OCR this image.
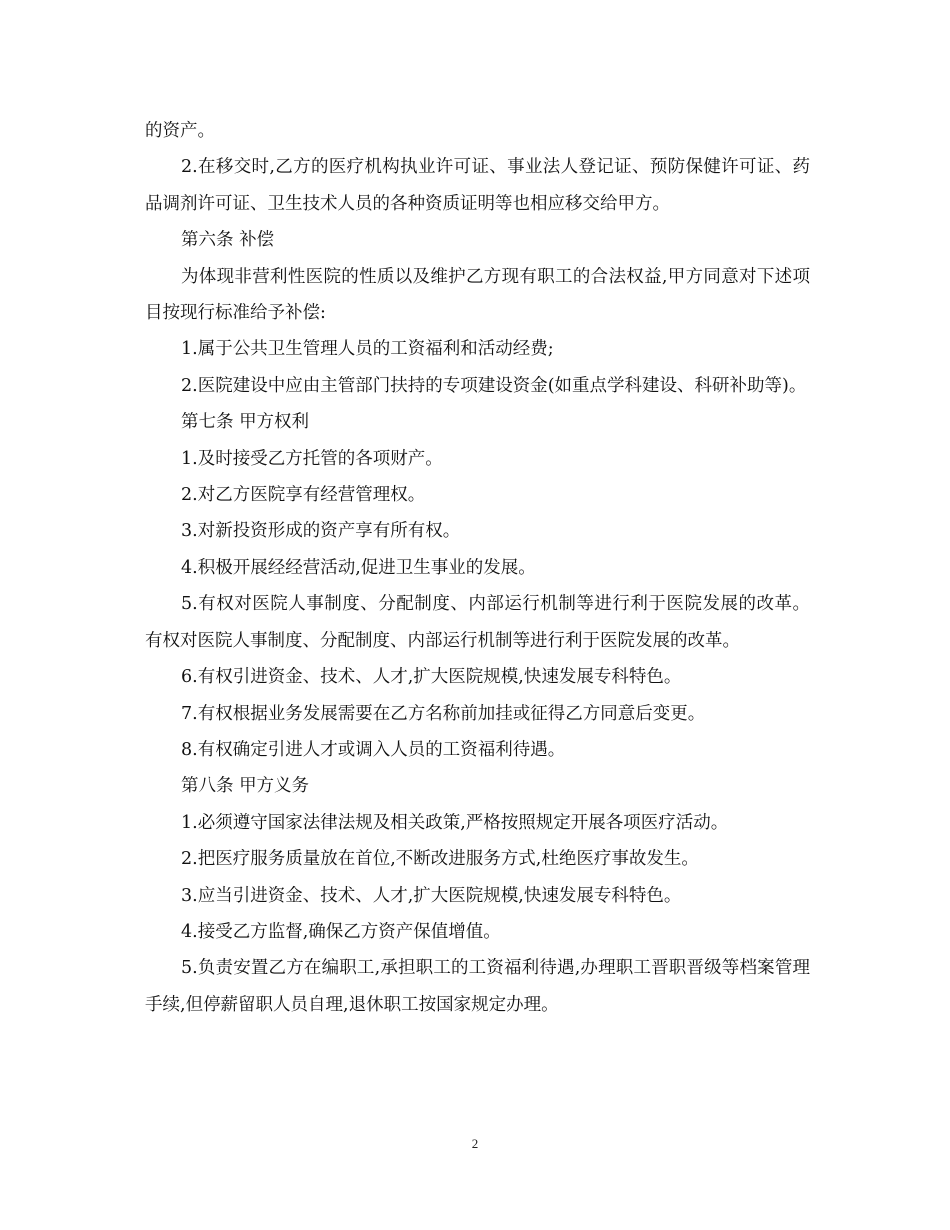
的资产。

2.在移交时,乙方的医疗机构执业许可证、事业法人登记证、预防保健许可证、药品调剂许可证、卫生技术人员的各种资质证明等也相应移交给甲方。

第六条 补偿

为体现非营利性医院的性质以及维护乙方现有职工的合法权益,甲方同意对下述项目按现行标准给予补偿:

1.属于公共卫生管理人员的工资福利和活动经费;

2.医院建设中应由主管部门扶持的专项建设资金(如重点学科建设、科研补助等)。

第七条 甲方权利

1.及时接受乙方托管的各项财产。

2.对乙方医院享有经营管理权。

3.对新投资形成的资产享有所有权。

4.积极开展经经营活动,促进卫生事业的发展。

5.有权对医院人事制度、分配制度、内部运行机制等进行利于医院发展的改革。有权对医院人事制度、分配制度、内部运行机制等进行利于医院发展的改革。

6.有权引进资金、技术、人才,扩大医院规模,快速发展专科特色。

7.有权根据业务发展需要在乙方名称前加挂或征得乙方同意后变更。

8.有权确定引进人才或调入人员的工资福利待遇。

第八条 甲方义务

1.必须遵守国家法律法规及相关政策,严格按照规定开展各项医疗活动。

2.把医疗服务质量放在首位,不断改进服务方式,杜绝医疗事故发生。

3.应当引进资金、技术、人才,扩大医院规模,快速发展专科特色。

4.接受乙方监督,确保乙方资产保值增值。

5.负责安置乙方在编职工,承担职工的工资福利待遇,办理职工晋职晋级等档案管理手续,但停薪留职人员自理,退休职工按国家规定办理。

2
